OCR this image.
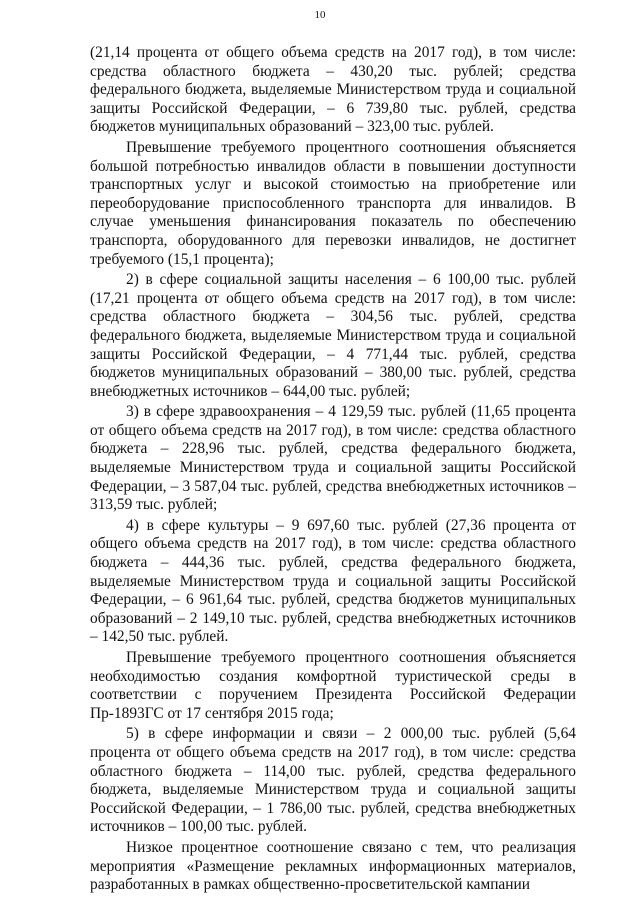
10

(21,14 процента от общего объема средств на 2017 год), в том числе: средства областного бюджета – 430,20 тыс. рублей; средства федерального бюджета, выделяемые Министерством труда и социальной защиты Российской Федерации, – 6 739,80 тыс. рублей, средства бюджетов муниципальных образований – 323,00 тыс. рублей.

Превышение требуемого процентного соотношения объясняется большой потребностью инвалидов области в повышении доступности транспортных услуг и высокой стоимостью на приобретение или переоборудование приспособленного транспорта для инвалидов. В случае уменьшения финансирования показатель по обеспечению транспорта, оборудованного для перевозки инвалидов, не достигнет требуемого (15,1 процента);

2) в сфере социальной защиты населения – 6 100,00 тыс. рублей (17,21 процента от общего объема средств на 2017 год), в том числе: средства областного бюджета – 304,56 тыс. рублей, средства федерального бюджета, выделяемые Министерством труда и социальной защиты Российской Федерации, – 4 771,44 тыс. рублей, средства бюджетов муниципальных образований – 380,00 тыс. рублей, средства внебюджетных источников – 644,00 тыс. рублей;

3) в сфере здравоохранения – 4 129,59 тыс. рублей (11,65 процента от общего объема средств на 2017 год), в том числе: средства областного бюджета – 228,96 тыс. рублей, средства федерального бюджета, выделяемые Министерством труда и социальной защиты Российской Федерации, – 3 587,04 тыс. рублей, средства внебюджетных источников – 313,59 тыс. рублей;

4) в сфере культуры – 9 697,60 тыс. рублей (27,36 процента от общего объема средств на 2017 год), в том числе: средства областного бюджета – 444,36 тыс. рублей, средства федерального бюджета, выделяемые Министерством труда и социальной защиты Российской Федерации, – 6 961,64 тыс. рублей, средства бюджетов муниципальных образований – 2 149,10 тыс. рублей, средства внебюджетных источников – 142,50 тыс. рублей.

Превышение требуемого процентного соотношения объясняется необходимостью создания комфортной туристической среды в соответствии с поручением Президента Российской Федерации Пр-1893ГС от 17 сентября 2015 года;

5) в сфере информации и связи – 2 000,00 тыс. рублей (5,64 процента от общего объема средств на 2017 год), в том числе: средства областного бюджета – 114,00 тыс. рублей, средства федерального бюджета, выделяемые Министерством труда и социальной защиты Российской Федерации, – 1 786,00 тыс. рублей, средства внебюджетных источников – 100,00 тыс. рублей.

Низкое процентное соотношение связано с тем, что реализация мероприятия «Размещение рекламных информационных материалов, разработанных в рамках общественно-просветительской кампании
